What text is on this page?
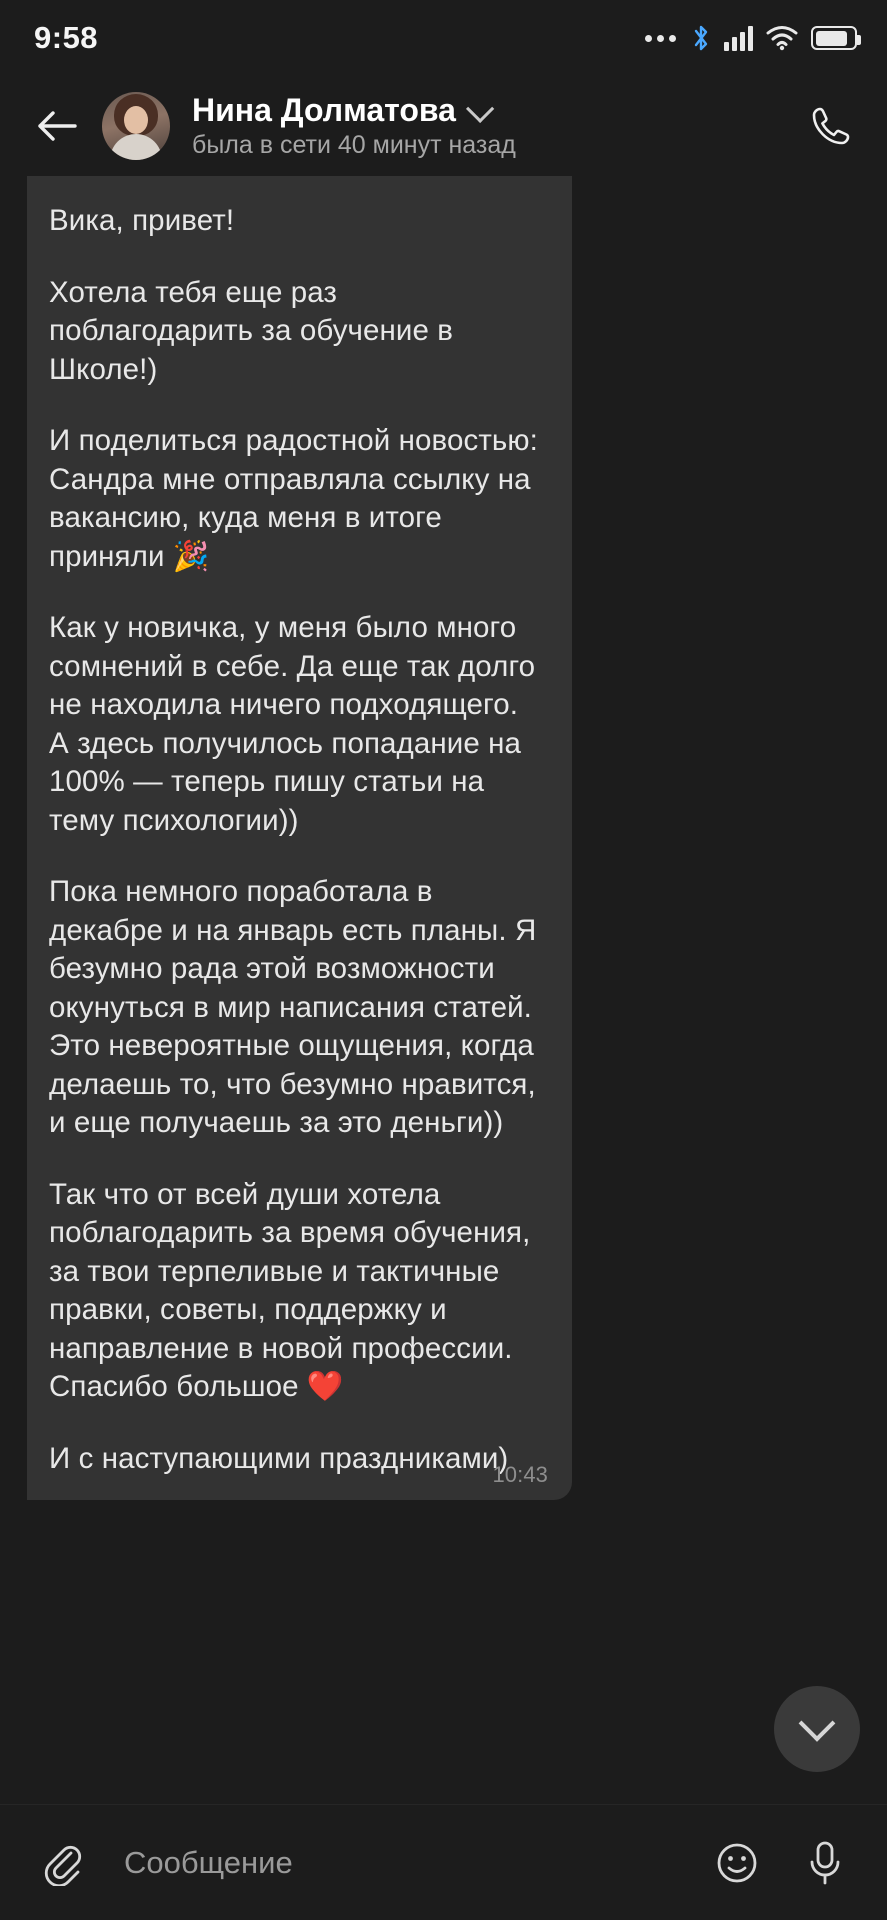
9:58
Нина Долматова
была в сети 40 минут назад

Вика, привет!

Хотела тебя еще раз поблагодарить за обучение в Школе!)

И поделиться радостной новостью: Сандра мне отправляла ссылку на вакансию, куда меня в итоге приняли 🎉

Как у новичка, у меня было много сомнений в себе. Да еще так долго не находила ничего подходящего. А здесь получилось попадание на 100% — теперь пишу статьи на тему психологии))

Пока немного поработала в декабре и на январь есть планы. Я безумно рада этой возможности окунуться в мир написания статей. Это невероятные ощущения, когда делаешь то, что безумно нравится, и еще получаешь за это деньги))

Так что от всей души хотела поблагодарить за время обучения, за твои терпеливые и тактичные правки, советы, поддержку и направление в новой профессии. Спасибо большое ❤️

И с наступающими праздниками)

10:43
Сообщение
